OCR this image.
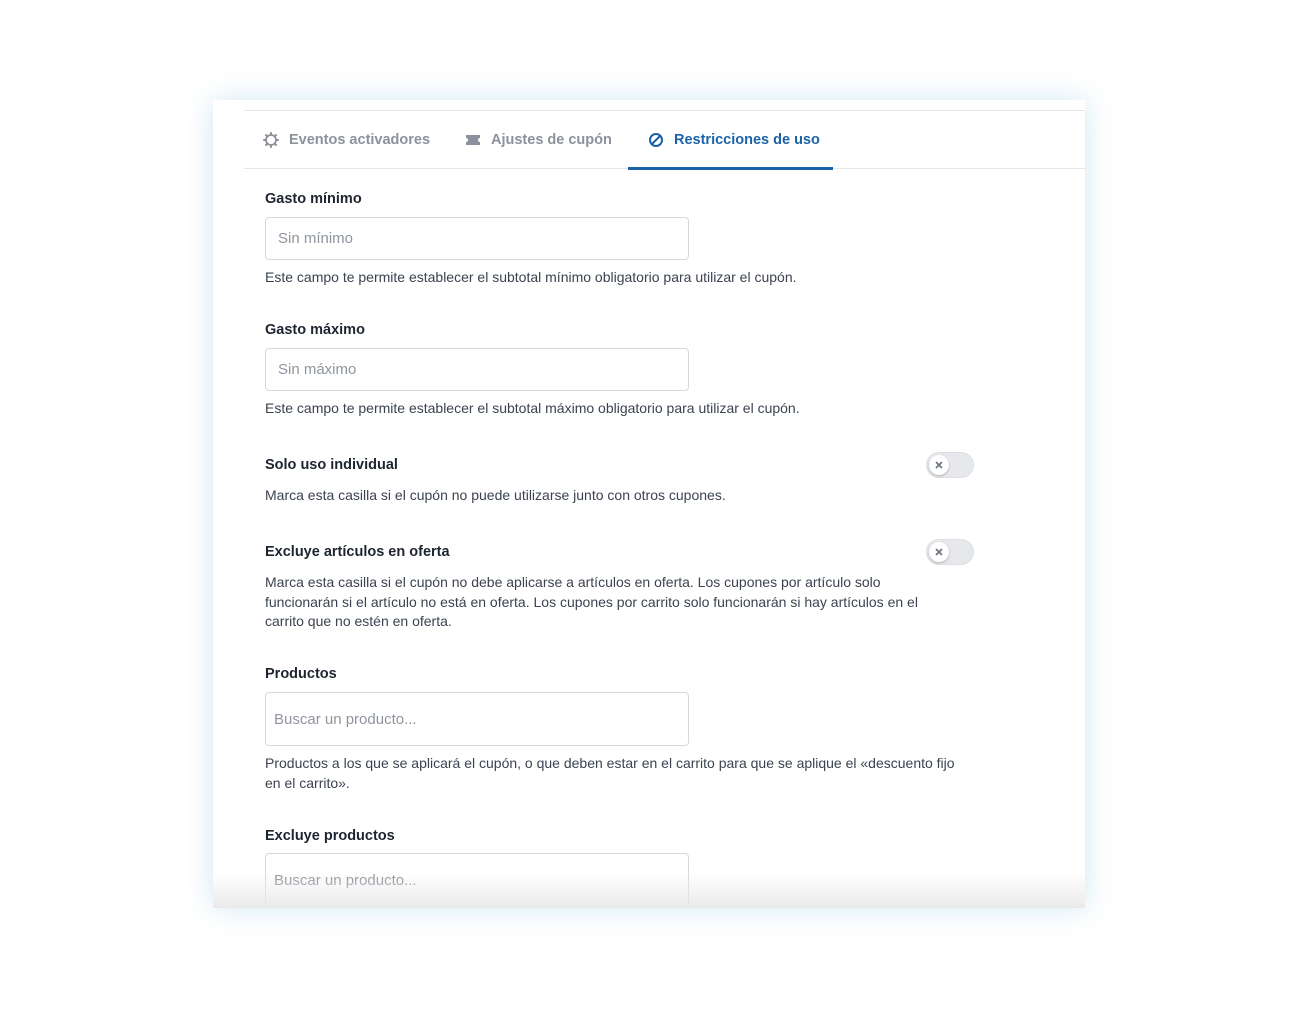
Eventos activadores	Ajustes de cupón	Restricciones de uso
Gasto mínimo
Sin mínimo
Este campo te permite establecer el subtotal mínimo obligatorio para utilizar el cupón.
Gasto máximo
Sin máximo
Este campo te permite establecer el subtotal máximo obligatorio para utilizar el cupón.
Solo uso individual
Marca esta casilla si el cupón no puede utilizarse junto con otros cupones.
Excluye artículos en oferta
Marca esta casilla si el cupón no debe aplicarse a artículos en oferta. Los cupones por artículo solo funcionarán si el artículo no está en oferta. Los cupones por carrito solo funcionarán si hay artículos en el carrito que no estén en oferta.
Productos
Buscar un producto...
Productos a los que se aplicará el cupón, o que deben estar en el carrito para que se aplique el «descuento fijo en el carrito».
Excluye productos
Buscar un producto...
